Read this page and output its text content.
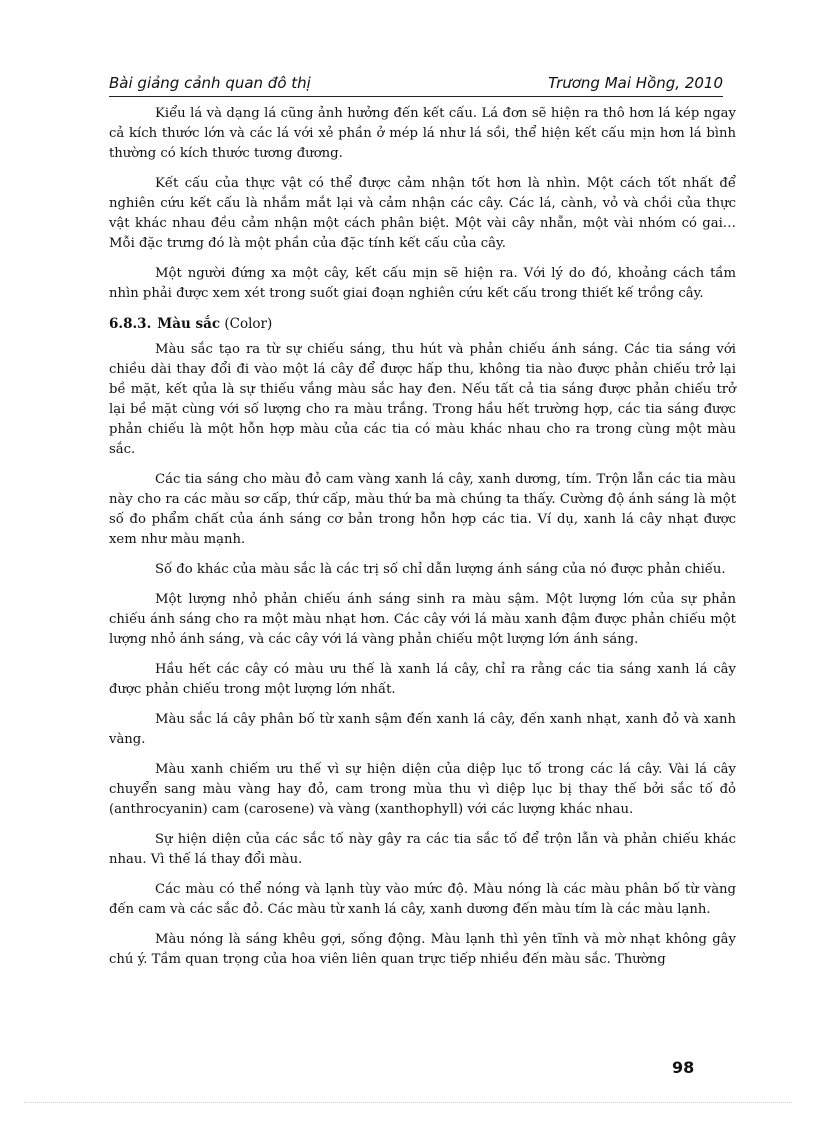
Bài giảng cảnh quan đô thị	Trương Mai Hồng, 2010

Kiểu lá và dạng lá cũng ảnh hưởng đến kết cấu. Lá đơn sẽ hiện ra thô hơn lá kép ngay cả kích thước lớn và các lá với xẻ phần ở mép lá như lá sồi, thể hiện kết cấu mịn hơn lá bình thường có kích thước tương đương.

Kết cấu của thực vật có thể được cảm nhận tốt hơn là nhìn. Một cách tốt nhất để nghiên cứu kết cấu là nhắm mắt lại và cảm nhận các cây. Các lá, cành, vỏ và chồi của thực vật khác nhau đều cảm nhận một cách phân biệt. Một vài cây nhẵn, một vài nhóm có gai… Mỗi đặc trưng đó là một phần của đặc tính kết cấu của cây.

Một người đứng xa một cây, kết cấu mịn sẽ hiện ra. Với lý do đó, khoảng cách tầm nhìn phải được xem xét trong suốt giai đoạn nghiên cứu kết cấu trong thiết kế trồng cây.

6.8.3. Màu sắc (Color)

Màu sắc tạo ra từ sự chiếu sáng, thu hút và phản chiếu ánh sáng. Các tia sáng với chiều dài thay đổi đi vào một lá cây để được hấp thu, không tia nào được phản chiếu trở lại bề mặt, kết qủa là sự thiếu vắng màu sắc hay đen. Nếu tất cả tia sáng được phản chiếu trở lại bề mặt cùng với số lượng cho ra màu trắng. Trong hầu hết trường hợp, các tia sáng được phản chiếu là một hỗn hợp màu của các tia có màu khác nhau cho ra trong cùng một màu sắc.

Các tia sáng cho màu đỏ cam vàng xanh lá cây, xanh dương, tím. Trộn lẫn các tia màu này cho ra các màu sơ cấp, thứ cấp, màu thứ ba mà chúng ta thấy. Cường độ ánh sáng là một số đo phẩm chất của ánh sáng cơ bản trong hỗn hợp các tia. Ví dụ, xanh lá cây nhạt được xem như màu mạnh.

Số đo khác của màu sắc là các trị số chỉ dẫn lượng ánh sáng của nó được phản chiếu.

Một lượng nhỏ phản chiếu ánh sáng sinh ra màu sậm. Một lượng lớn của sự phản chiếu ánh sáng cho ra một màu nhạt hơn. Các cây với lá màu xanh đậm được phản chiếu một lượng nhỏ ánh sáng, và các cây với lá vàng phản chiếu một lượng lớn ánh sáng.

Hầu hết các cây có màu ưu thế là xanh lá cây, chỉ ra rằng các tia sáng xanh lá cây được phản chiếu trong một lượng lớn nhất.

Màu sắc lá cây phân bố từ xanh sậm đến xanh lá cây, đến xanh nhạt, xanh đỏ và xanh vàng.

Màu xanh chiếm ưu thế vì sự hiện diện của diệp lục tố trong các lá cây. Vài lá cây chuyển sang màu vàng hay đỏ, cam trong mùa thu vì diệp lục bị thay thế bởi sắc tố đỏ (anthrocyanin) cam (carosene) và vàng (xanthophyll) với các lượng khác nhau.

Sự hiện diện của các sắc tố này gây ra các tia sắc tố để trộn lẫn và phản chiếu khác nhau. Vì thế lá thay đổi màu.

Các màu có thể nóng và lạnh tùy vào mức độ. Màu nóng là các màu phân bố từ vàng đến cam và các sắc đỏ. Các màu từ xanh lá cây, xanh dương đến màu tím là các màu lạnh.

Màu nóng là sáng khêu gợi, sống động. Màu lạnh thì yên tĩnh và mờ nhạt không gây chú ý. Tầm quan trọng của hoa viên liên quan trực tiếp nhiều đến màu sắc. Thường

98
